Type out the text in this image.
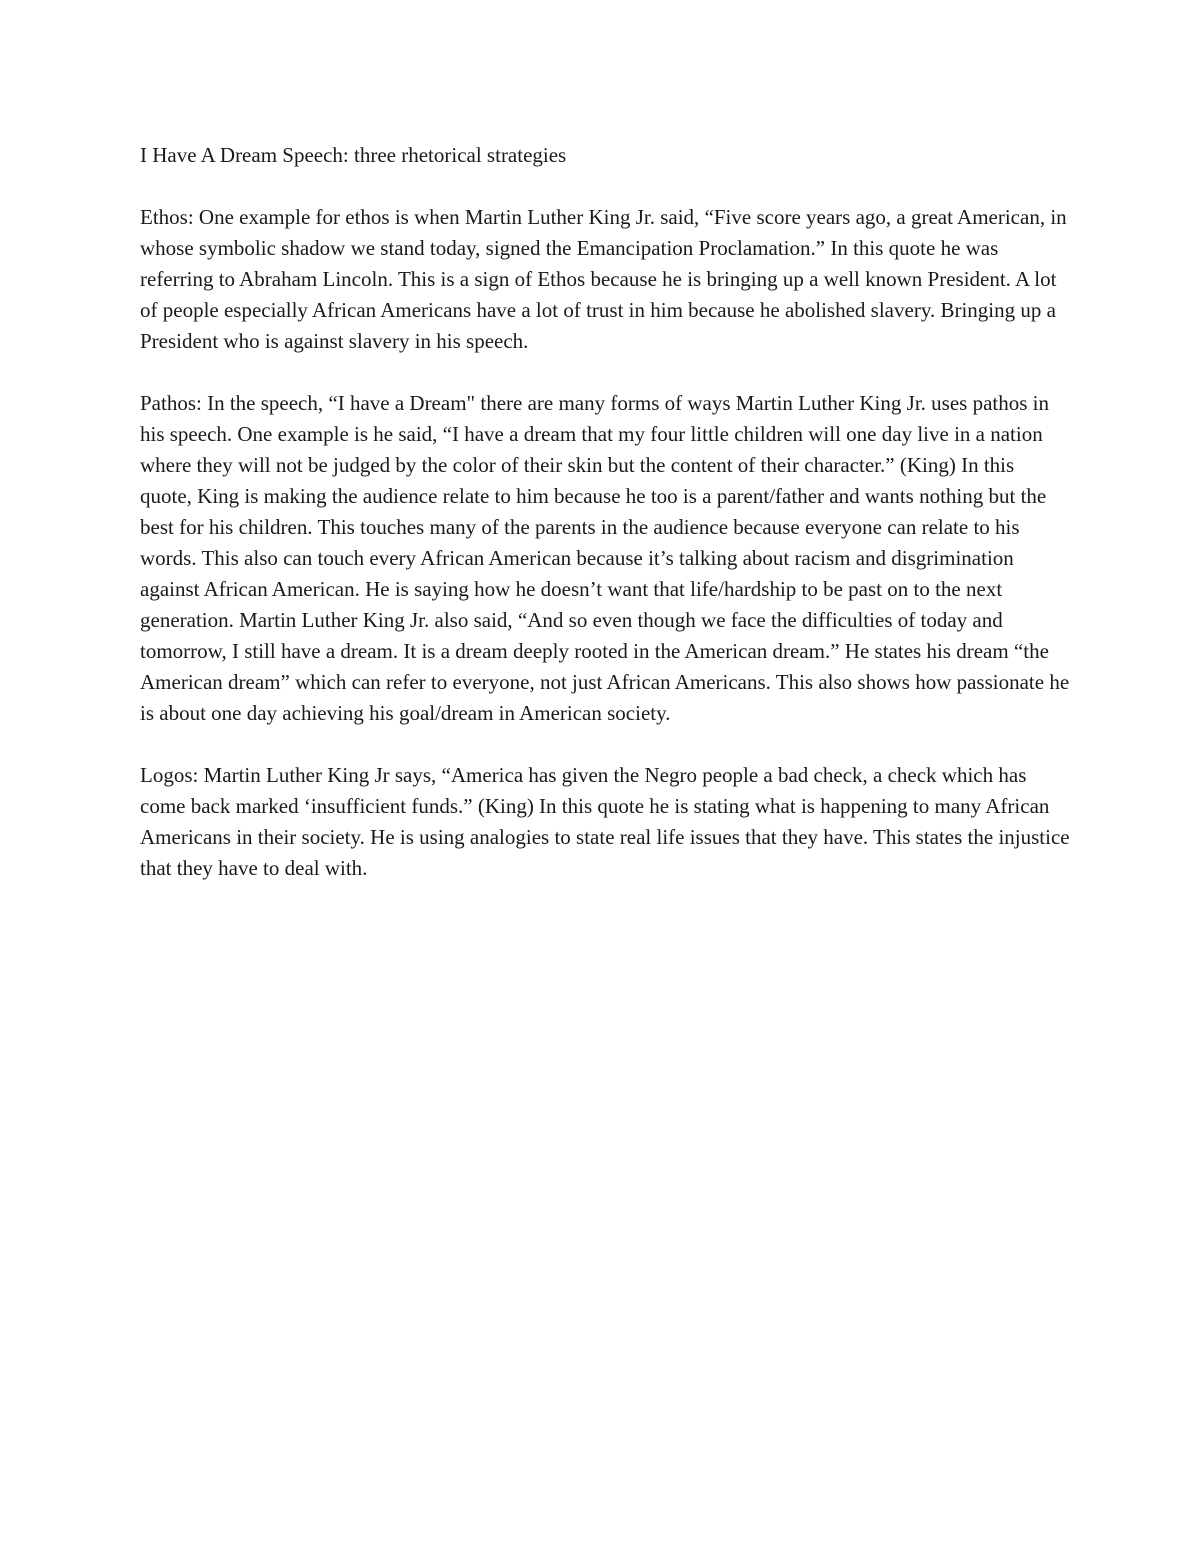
I Have A Dream Speech: three rhetorical strategies

Ethos: One example for ethos is when Martin Luther King Jr. said, “Five score years ago, a great American, in whose symbolic shadow we stand today, signed the Emancipation Proclamation.” In this quote he was referring to Abraham Lincoln. This is a sign of Ethos because he is bringing up a well known President. A lot of people especially African Americans have a lot of trust in him because he abolished slavery. Bringing up a President who is against slavery in his speech.

Pathos: In the speech, “I have a Dream" there are many forms of ways Martin Luther King Jr. uses pathos in his speech. One example is he said, “I have a dream that my four little children will one day live in a nation where they will not be judged by the color of their skin but the content of their character.” (King) In this quote, King is making the audience relate to him because he too is a parent/father and wants nothing but the best for his children. This touches many of the parents in the audience because everyone can relate to his words. This also can touch every African American because it’s talking about racism and disgrimination against African American. He is saying how he doesn’t want that life/hardship to be past on to the next generation. Martin Luther King Jr. also said, “And so even though we face the difficulties of today and tomorrow, I still have a dream. It is a dream deeply rooted in the American dream.” He states his dream “the American dream” which can refer to everyone, not just African Americans. This also shows how passionate he is about one day achieving his goal/dream in American society.

Logos: Martin Luther King Jr says, “America has given the Negro people a bad check, a check which has come back marked ‘insufficient funds.” (King) In this quote he is stating what is happening to many African Americans in their society. He is using analogies to state real life issues that they have. This states the injustice that they have to deal with.
